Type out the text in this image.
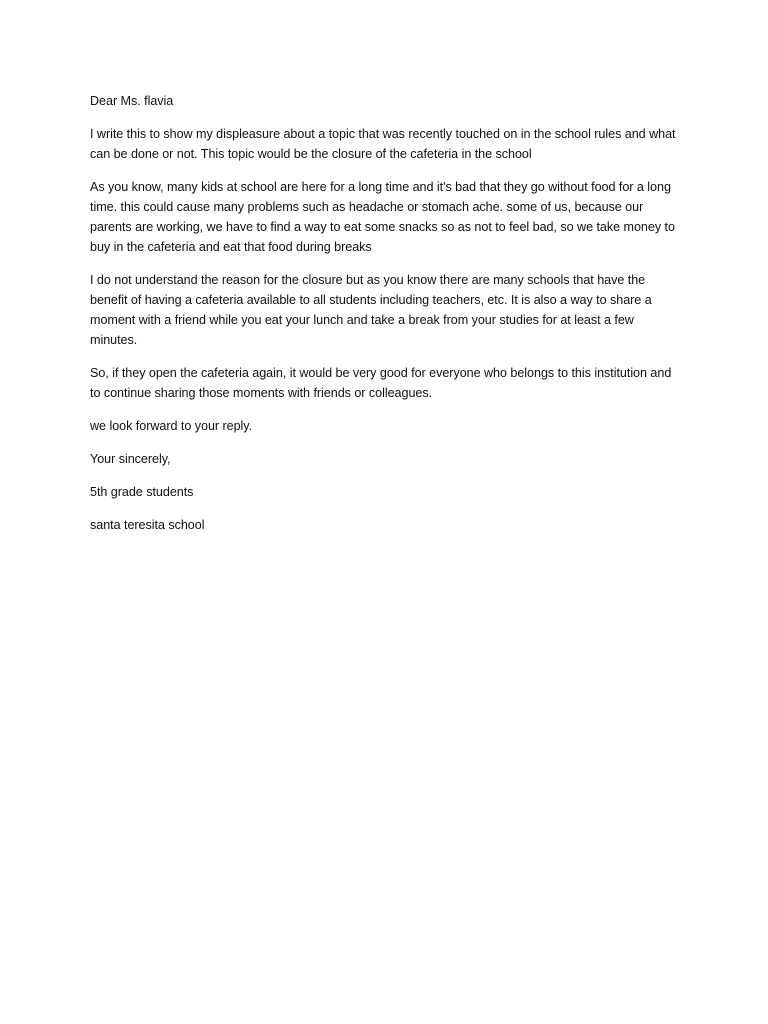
Dear Ms. flavia

I write this to show my displeasure about a topic that was recently touched on in the school rules and what can be done or not. This topic would be the closure of the cafeteria in the school

As you know, many kids at school are here for a long time and it's bad that they go without food for a long time. this could cause many problems such as headache or stomach ache. some of us, because our parents are working, we have to find a way to eat some snacks so as not to feel bad, so we take money to buy in the cafeteria and eat that food during breaks

I do not understand the reason for the closure but as you know there are many schools that have the benefit of having a cafeteria available to all students including teachers, etc. It is also a way to share a moment with a friend while you eat your lunch and take a break from your studies for at least a few minutes.

So, if they open the cafeteria again, it would be very good for everyone who belongs to this institution and to continue sharing those moments with friends or colleagues.

we look forward to your reply.

Your sincerely,

5th grade students

santa teresita school
